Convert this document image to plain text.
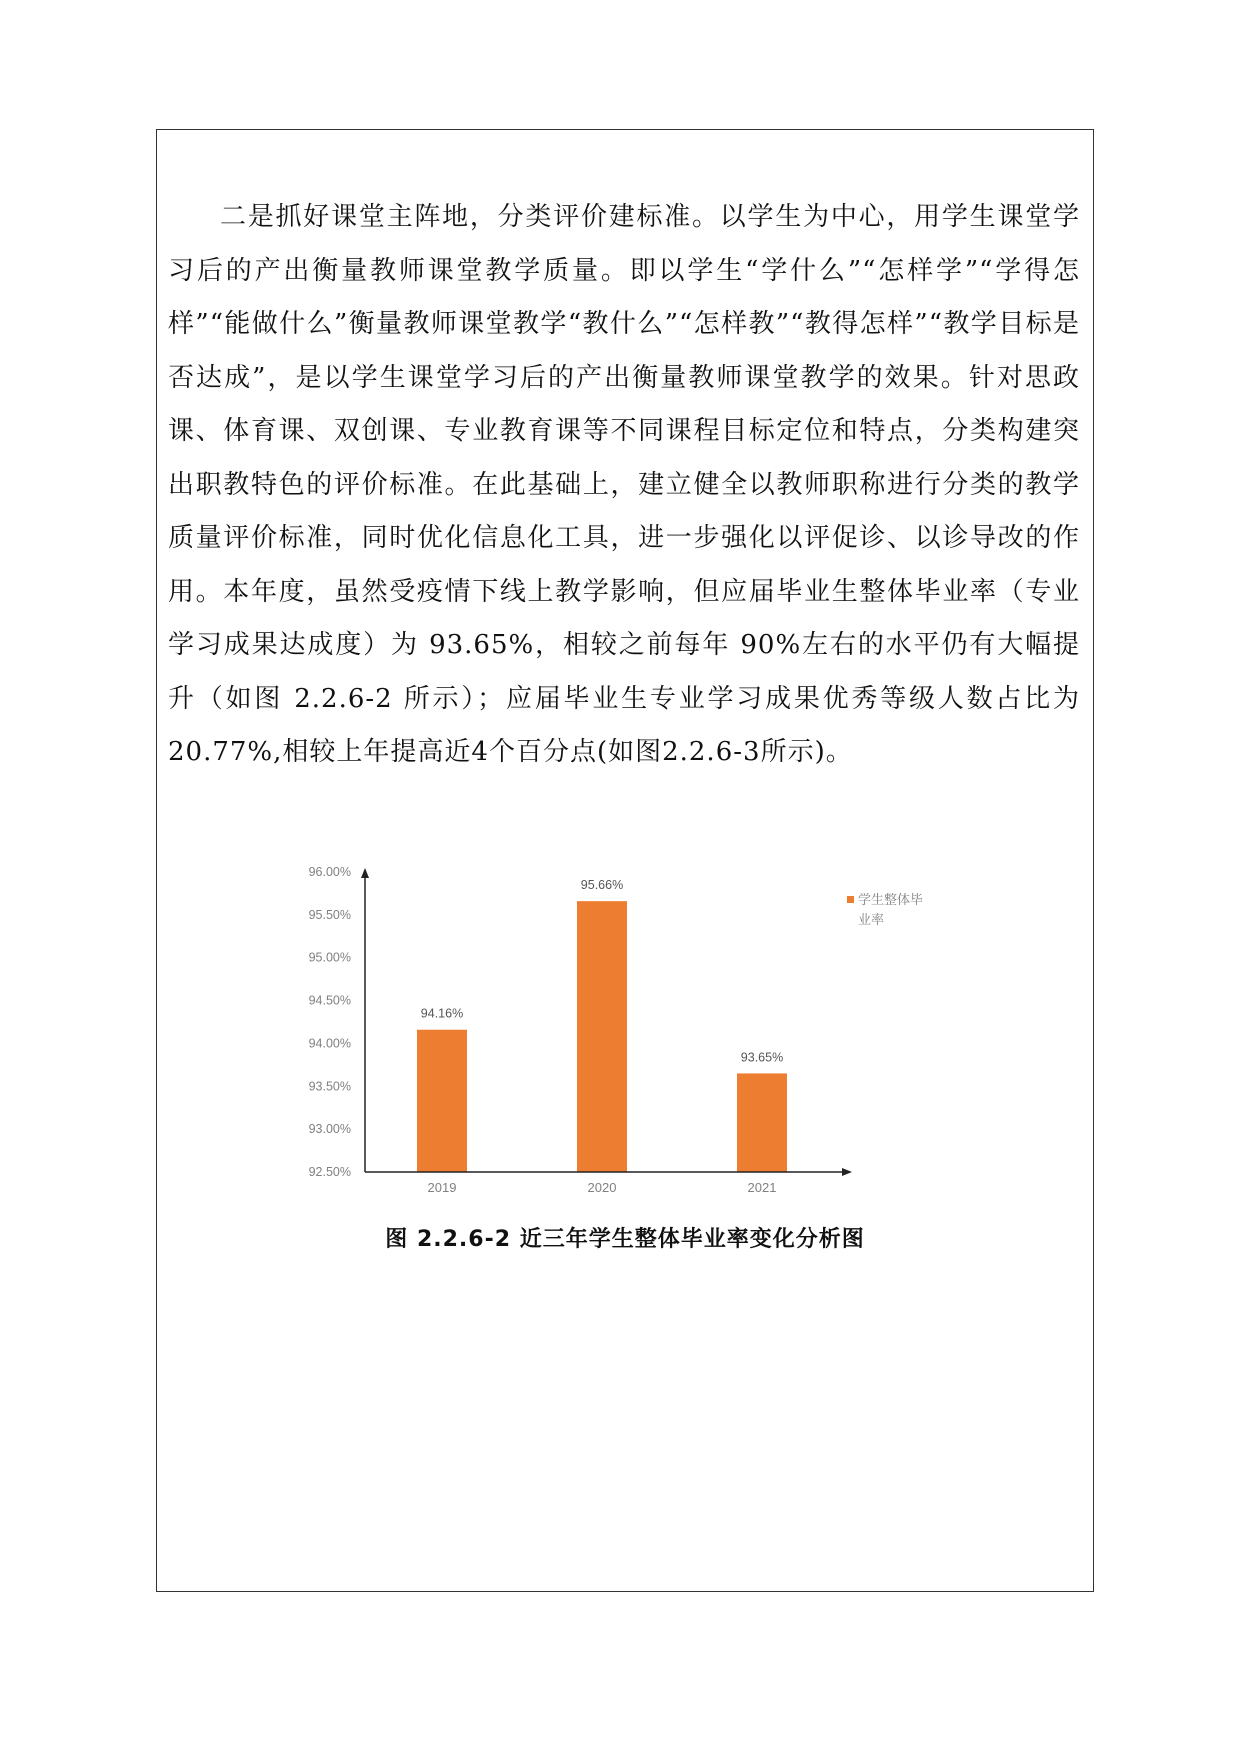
二是抓好课堂主阵地，分类评价建标准。以学生为中心，用学生课堂学习后的产出衡量教师课堂教学质量。即以学生“学什么”“怎样学”“学得怎样”“能做什么”衡量教师课堂教学“教什么”“怎样教”“教得怎样”“教学目标是否达成”，是以学生课堂学习后的产出衡量教师课堂教学的效果。针对思政课、体育课、双创课、专业教育课等不同课程目标定位和特点，分类构建突出职教特色的评价标准。在此基础上，建立健全以教师职称进行分类的教学质量评价标准，同时优化信息化工具，进一步强化以评促诊、以诊导改的作用。本年度，虽然受疫情下线上教学影响，但应届毕业生整体毕业率（专业学习成果达成度）为 93.65%，相较之前每年 90%左右的水平仍有大幅提升（如图 2.2.6-2 所示）；应届毕业生专业学习成果优秀等级人数占比为20.77%,相较上年提高近4个百分点(如图2.2.6-3所示)。

96.00%
95.50%
95.00%
94.50%
94.00%
93.50%
93.00%
92.50%
94.16%
2019
95.66%
2020
93.65%
2021
学生整体毕
业率

图 2.2.6-2 近三年学生整体毕业率变化分析图
